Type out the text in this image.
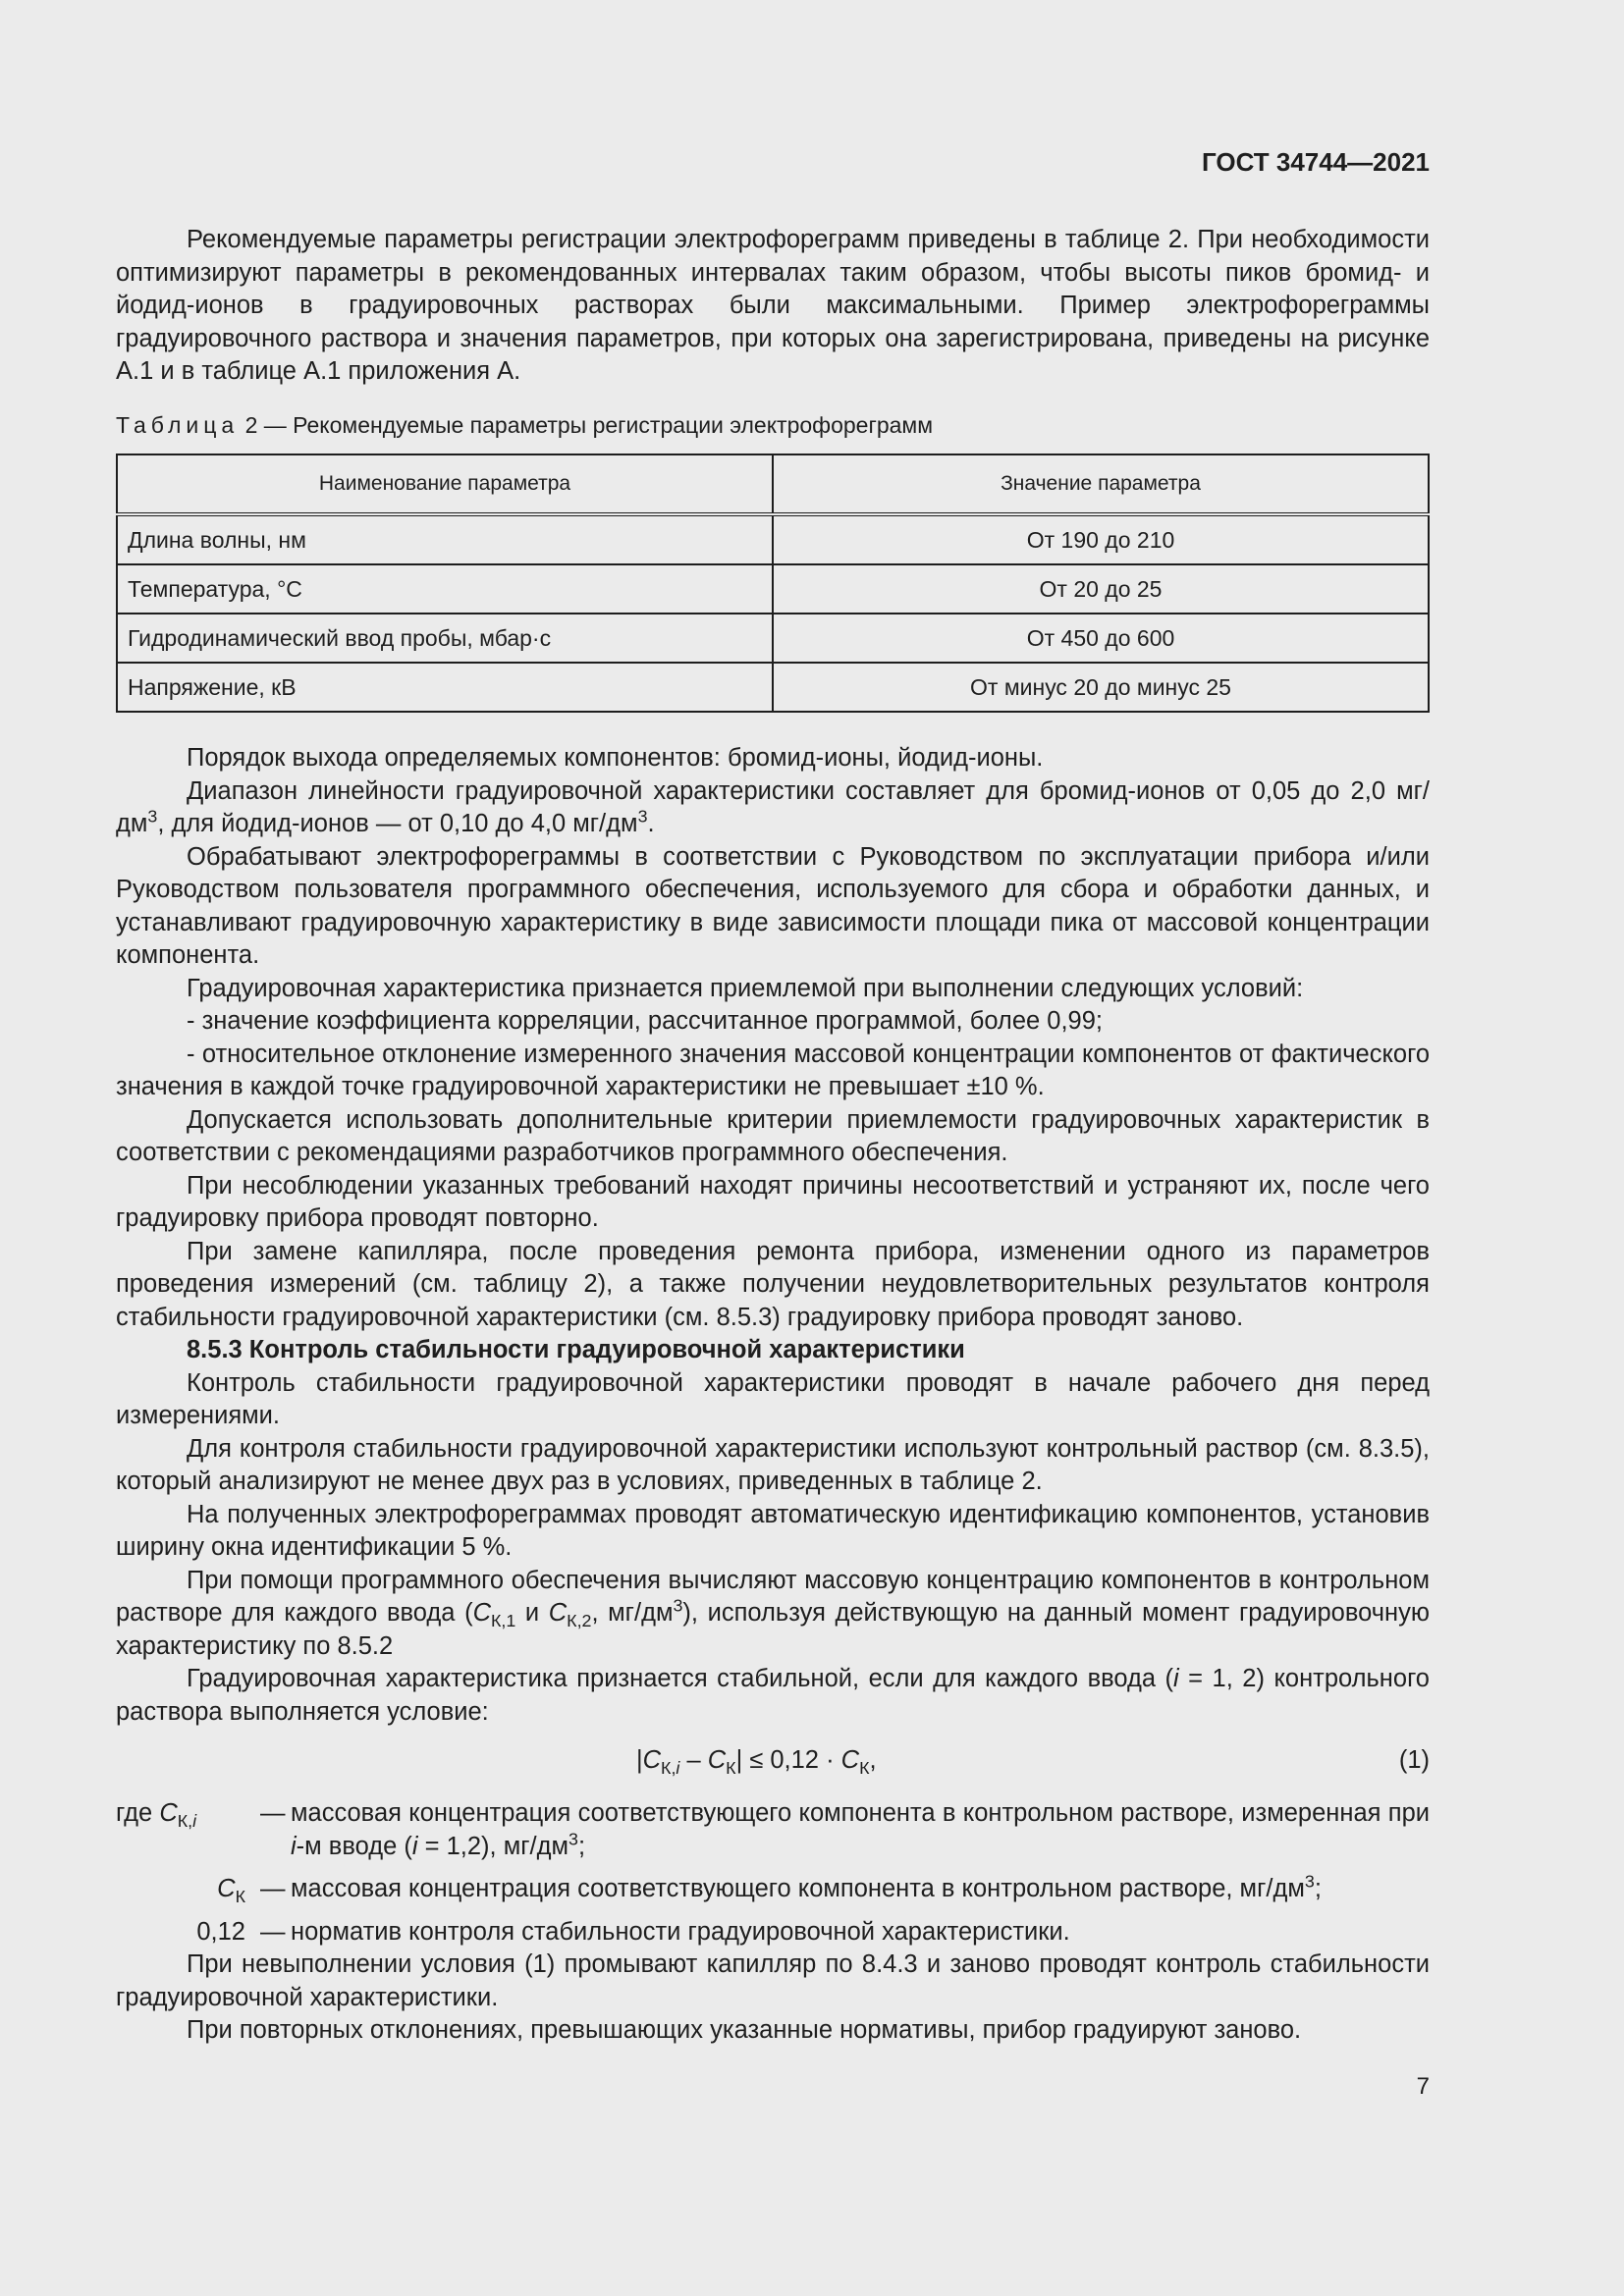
ГОСТ 34744—2021

Рекомендуемые параметры регистрации электрофореграмм приведены в таблице 2. При необходимости оптимизируют параметры в рекомендованных интервалах таким образом, чтобы высоты пиков бромид- и йодид-ионов в градуировочных растворах были максимальными. Пример электрофореграммы градуировочного раствора и значения параметров, при которых она зарегистрирована, приведены на рисунке А.1 и в таблице А.1 приложения А.

Таблица 2 — Рекомендуемые параметры регистрации электрофореграмм
Наименование параметра	Значение параметра
Длина волны, нм	От 190 до 210
Температура, °С	От 20 до 25
Гидродинамический ввод пробы, мбар·с	От 450 до 600
Напряжение, кВ	От минус 20 до минус 25

Порядок выхода определяемых компонентов: бромид-ионы, йодид-ионы.

Диапазон линейности градуировочной характеристики составляет для бромид-ионов от 0,05 до 2,0 $мг/дм^3$, для йодид-ионов — от 0,10 до 4,0 $мг/дм^3$.

Обрабатывают электрофореграммы в соответствии с Руководством по эксплуатации прибора и/или Руководством пользователя программного обеспечения, используемого для сбора и обработки данных, и устанавливают градуировочную характеристику в виде зависимости площади пика от массовой концентрации компонента.

Градуировочная характеристика признается приемлемой при выполнении следующих условий:

- значение коэффициента корреляции, рассчитанное программой, более 0,99;

- относительное отклонение измеренного значения массовой концентрации компонентов от фактического значения в каждой точке градуировочной характеристики не превышает ±10 %.

Допускается использовать дополнительные критерии приемлемости градуировочных характеристик в соответствии с рекомендациями разработчиков программного обеспечения.

При несоблюдении указанных требований находят причины несоответствий и устраняют их, после чего градуировку прибора проводят повторно.

При замене капилляра, после проведения ремонта прибора, изменении одного из параметров проведения измерений (см. таблицу 2), а также получении неудовлетворительных результатов контроля стабильности градуировочной характеристики (см. 8.5.3) градуировку прибора проводят заново.

8.5.3 Контроль стабильности градуировочной характеристики

Контроль стабильности градуировочной характеристики проводят в начале рабочего дня перед измерениями.

Для контроля стабильности градуировочной характеристики используют контрольный раствор (см. 8.3.5), который анализируют не менее двух раз в условиях, приведенных в таблице 2.

На полученных электрофореграммах проводят автоматическую идентификацию компонентов, установив ширину окна идентификации 5 %.

При помощи программного обеспечения вычисляют массовую концентрацию компонентов в контрольном растворе для каждого ввода ($С_{К,1}$ и $С_{К,2}$, $мг/дм^3$), используя действующую на данный момент градуировочную характеристику по 8.5.2

Градуировочная характеристика признается стабильной, если для каждого ввода (i = 1, 2) контрольного раствора выполняется условие:

$|С_{К,i} - С_К| \le 0,12 \cdot С_К$,	(1)
где $С_{К,i}$	— массовая концентрация соответствующего компонента в контрольном растворе, измеренная при i-м вводе (i = 1,2), $мг/дм^3$;
$С_К$ — массовая концентрация соответствующего компонента в контрольном растворе, $мг/дм^3$;
0,12 — норматив контроля стабильности градуировочной характеристики.

При невыполнении условия (1) промывают капилляр по 8.4.3 и заново проводят контроль стабильности градуировочной характеристики.

При повторных отклонениях, превышающих указанные нормативы, прибор градуируют заново.

7
